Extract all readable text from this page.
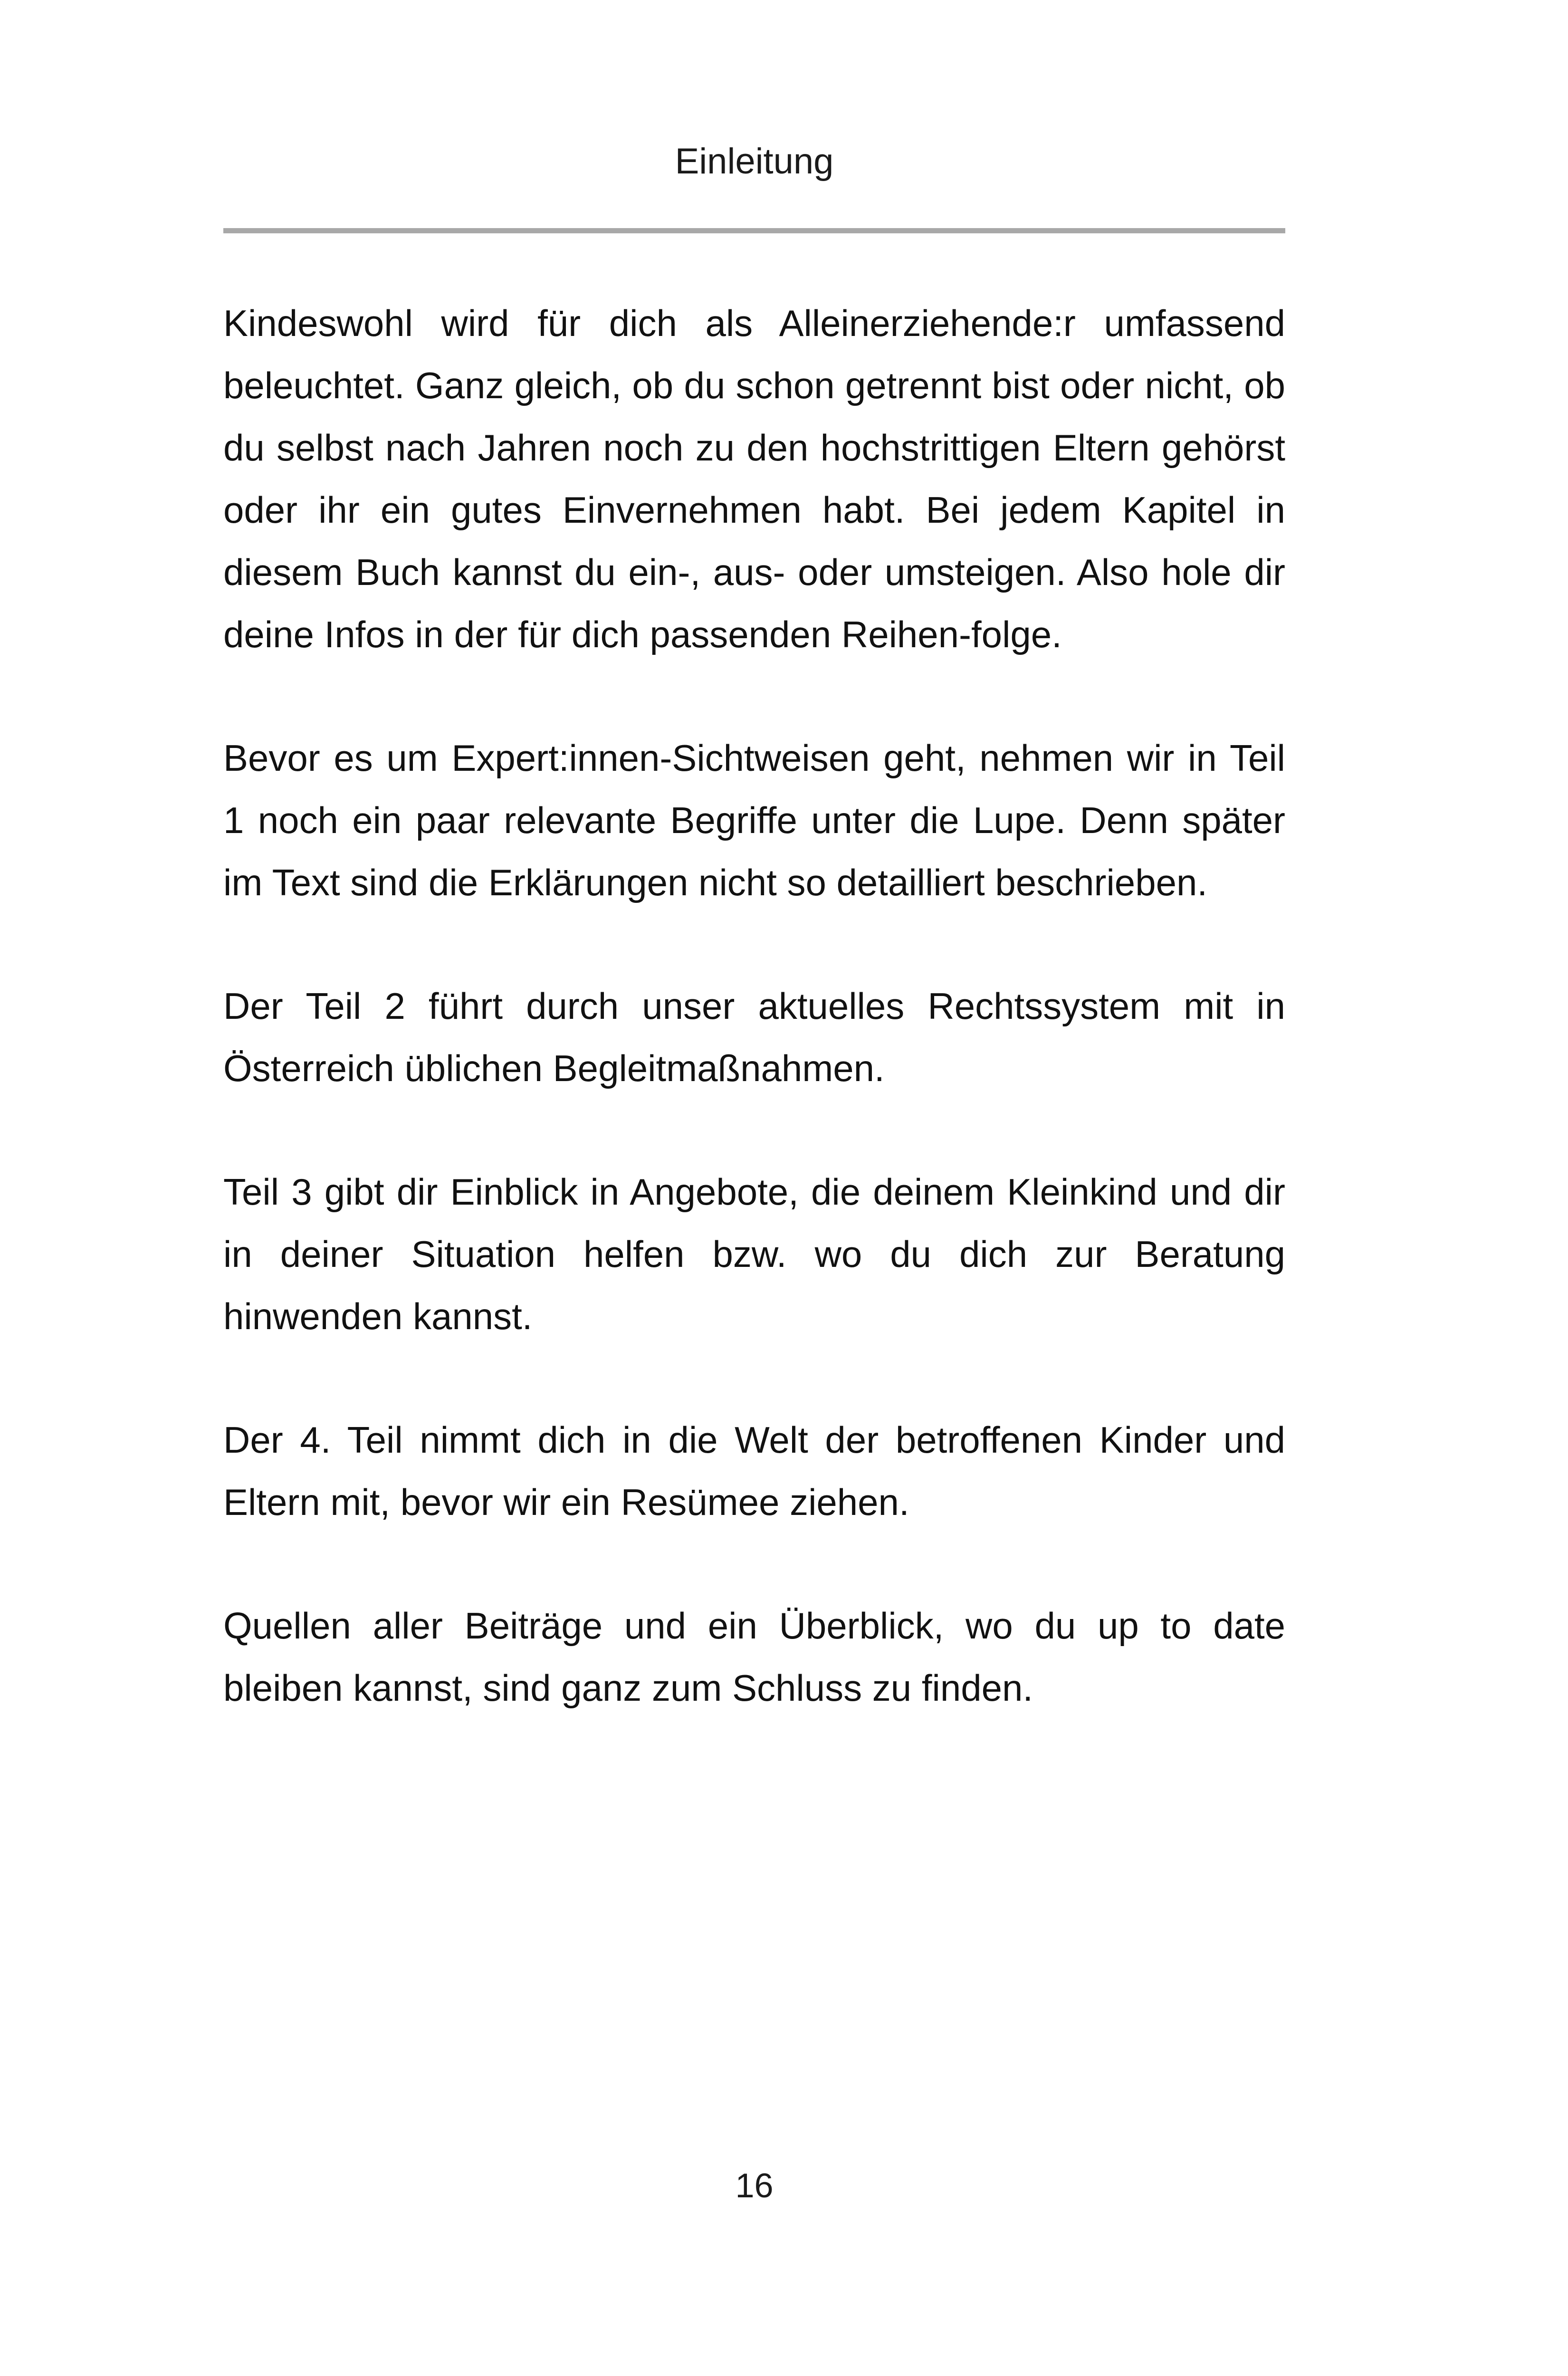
Einleitung

Kindeswohl wird für dich als Alleinerziehende:r umfassend beleuchtet. Ganz gleich, ob du schon getrennt bist oder nicht, ob du selbst nach Jahren noch zu den hochstrittigen Eltern gehörst oder ihr ein gutes Einvernehmen habt. Bei jedem Kapitel in diesem Buch kannst du ein-, aus- oder umsteigen. Also hole dir deine Infos in der für dich passenden Reihen-folge.

Bevor es um Expert:innen-Sichtweisen geht, nehmen wir in Teil 1 noch ein paar relevante Begriffe unter die Lupe. Denn später im Text sind die Erklärungen nicht so detailliert beschrieben.

Der Teil 2 führt durch unser aktuelles Rechtssystem mit in Österreich üblichen Begleitmaßnahmen.

Teil 3 gibt dir Einblick in Angebote, die deinem Kleinkind und dir in deiner Situation helfen bzw. wo du dich zur Beratung hinwenden kannst.

Der 4. Teil nimmt dich in die Welt der betroffenen Kinder und Eltern mit, bevor wir ein Resümee ziehen.

Quellen aller Beiträge und ein Überblick, wo du up to date bleiben kannst, sind ganz zum Schluss zu finden.

16
